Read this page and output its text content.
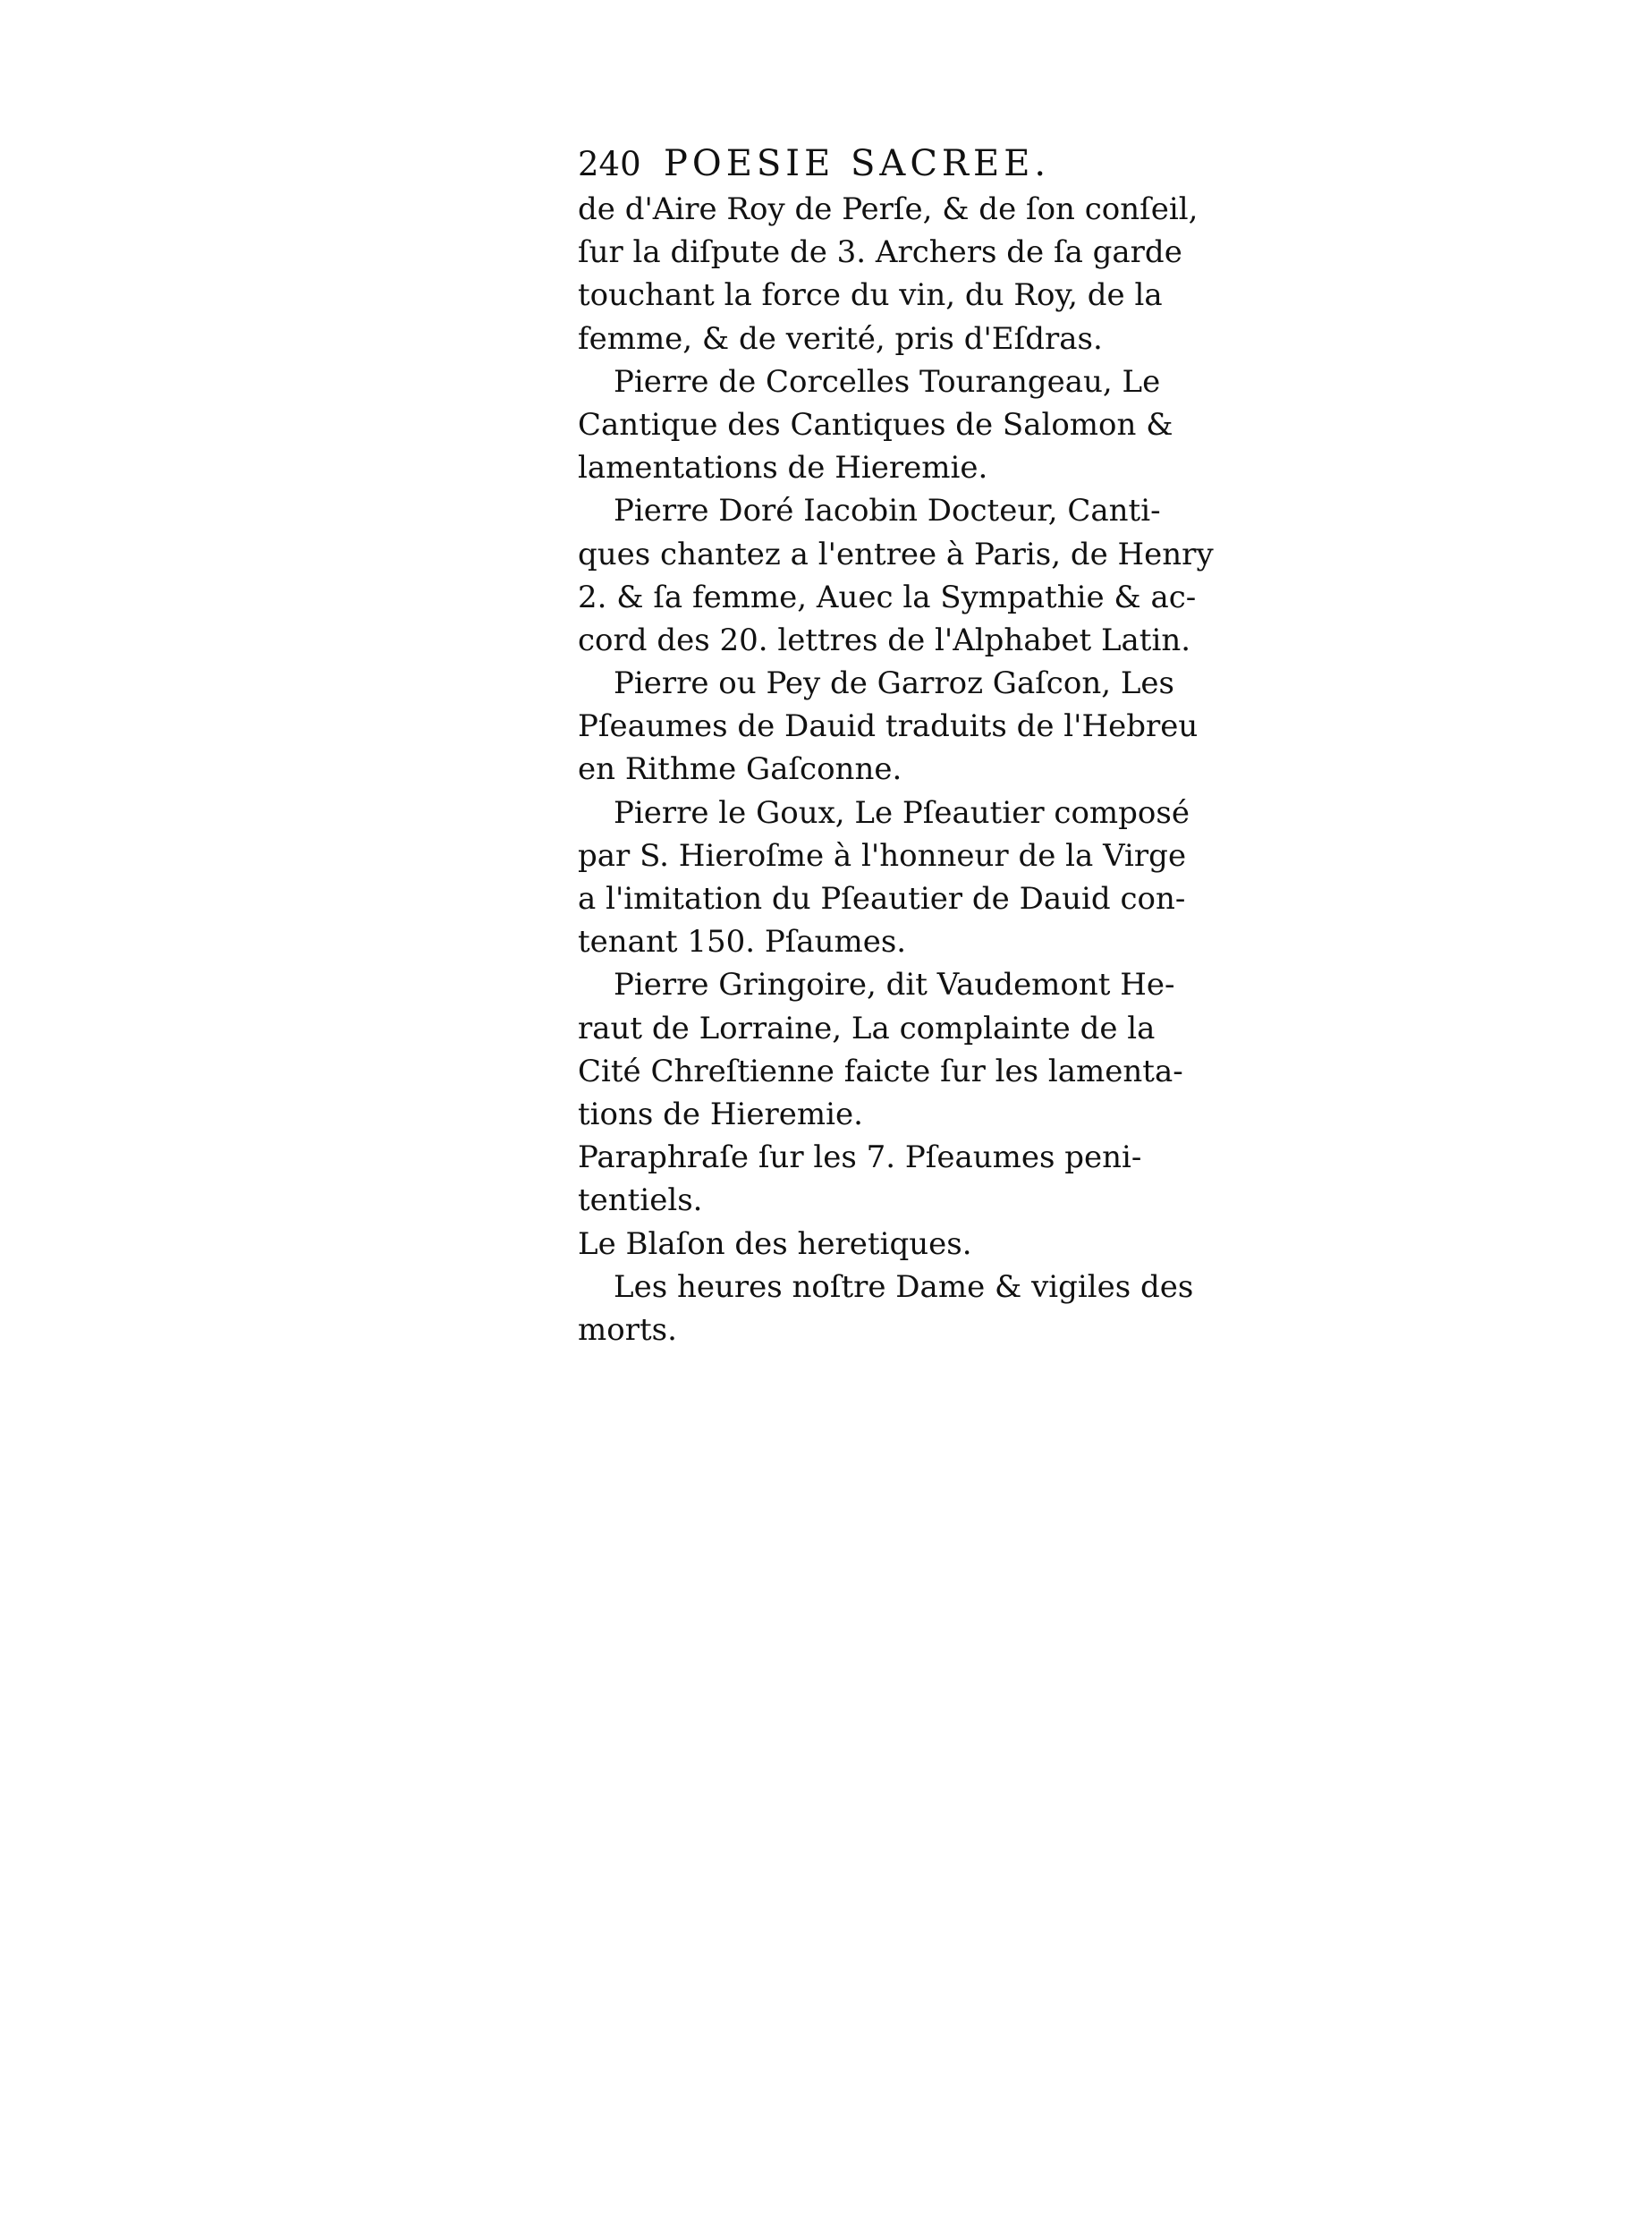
240 POESIE SACREE.
de d'Aire Roy de Perſe, & de ſon conſeil,
ſur la diſpute de 3. Archers de ſa garde
touchant la force du vin, du Roy, de la
femme, & de verité, pris d'Eſdras.
Pierre de Corcelles Tourangeau, Le
Cantique des Cantiques de Salomon &
lamentations de Hieremie.
Pierre Doré Iacobin Docteur, Canti-
ques chantez a l'entree à Paris, de Henry
2. & ſa femme, Auec la Sympathie & ac-
cord des 20. lettres de l'Alphabet Latin.
Pierre ou Pey de Garroz Gaſcon, Les
Pſeaumes de Dauid traduits de l'Hebreu
en Rithme Gaſconne.
Pierre le Goux, Le Pſeautier composé
par S. Hieroſme à l'honneur de la Virge
a l'imitation du Pſeautier de Dauid con-
tenant 150. Pſaumes.
Pierre Gringoire, dit Vaudemont He-
raut de Lorraine, La complainte de la
Cité Chreſtienne faicte ſur les lamenta-
tions de Hieremie.
Paraphraſe ſur les 7. Pſeaumes peni-
tentiels.
Le Blaſon des heretiques.
Les heures noſtre Dame & vigiles des
morts.
